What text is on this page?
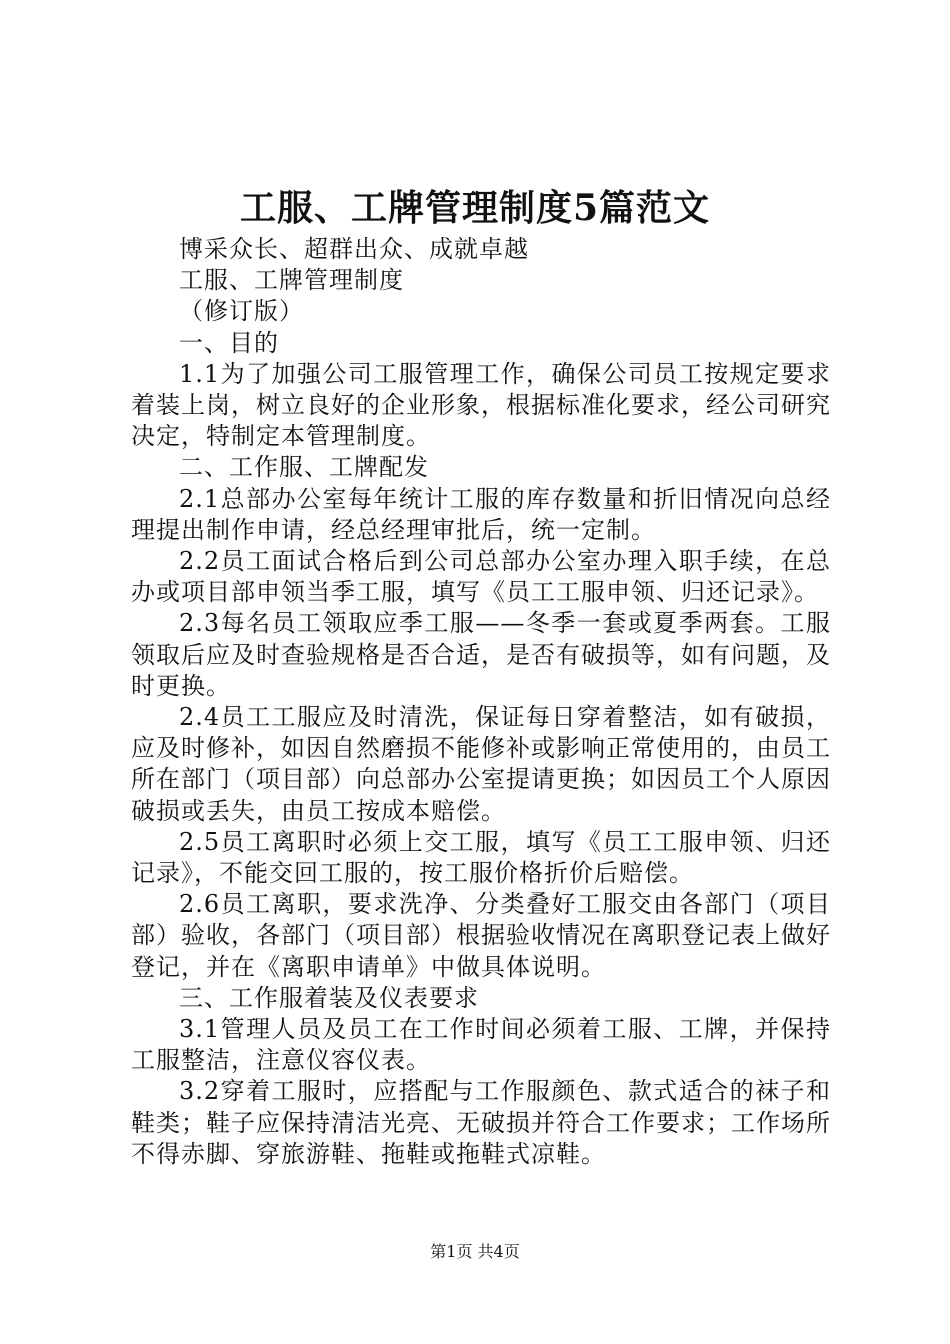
工服、工牌管理制度5篇范文

博采众长、超群出众、成就卓越

工服、工牌管理制度

（修订版）

一、目的

1.1为了加强公司工服管理工作，确保公司员工按规定要求着装上岗，树立良好的企业形象，根据标准化要求，经公司研究决定，特制定本管理制度。

二、工作服、工牌配发

2.1总部办公室每年统计工服的库存数量和折旧情况向总经理提出制作申请，经总经理审批后，统一定制。

2.2员工面试合格后到公司总部办公室办理入职手续，在总办或项目部申领当季工服，填写《员工工服申领、归还记录》。

2.3每名员工领取应季工服——冬季一套或夏季两套。工服领取后应及时查验规格是否合适，是否有破损等，如有问题，及时更换。

2.4员工工服应及时清洗，保证每日穿着整洁，如有破损，应及时修补，如因自然磨损不能修补或影响正常使用的，由员工所在部门（项目部）向总部办公室提请更换；如因员工个人原因破损或丢失，由员工按成本赔偿。

2.5员工离职时必须上交工服，填写《员工工服申领、归还记录》，不能交回工服的，按工服价格折价后赔偿。

2.6员工离职，要求洗净、分类叠好工服交由各部门（项目部）验收，各部门（项目部）根据验收情况在离职登记表上做好登记，并在《离职申请单》中做具体说明。

三、工作服着装及仪表要求

3.1管理人员及员工在工作时间必须着工服、工牌，并保持工服整洁，注意仪容仪表。

3.2穿着工服时，应搭配与工作服颜色、款式适合的袜子和鞋类；鞋子应保持清洁光亮、无破损并符合工作要求；工作场所不得赤脚、穿旅游鞋、拖鞋或拖鞋式凉鞋。

第1页 共4页
